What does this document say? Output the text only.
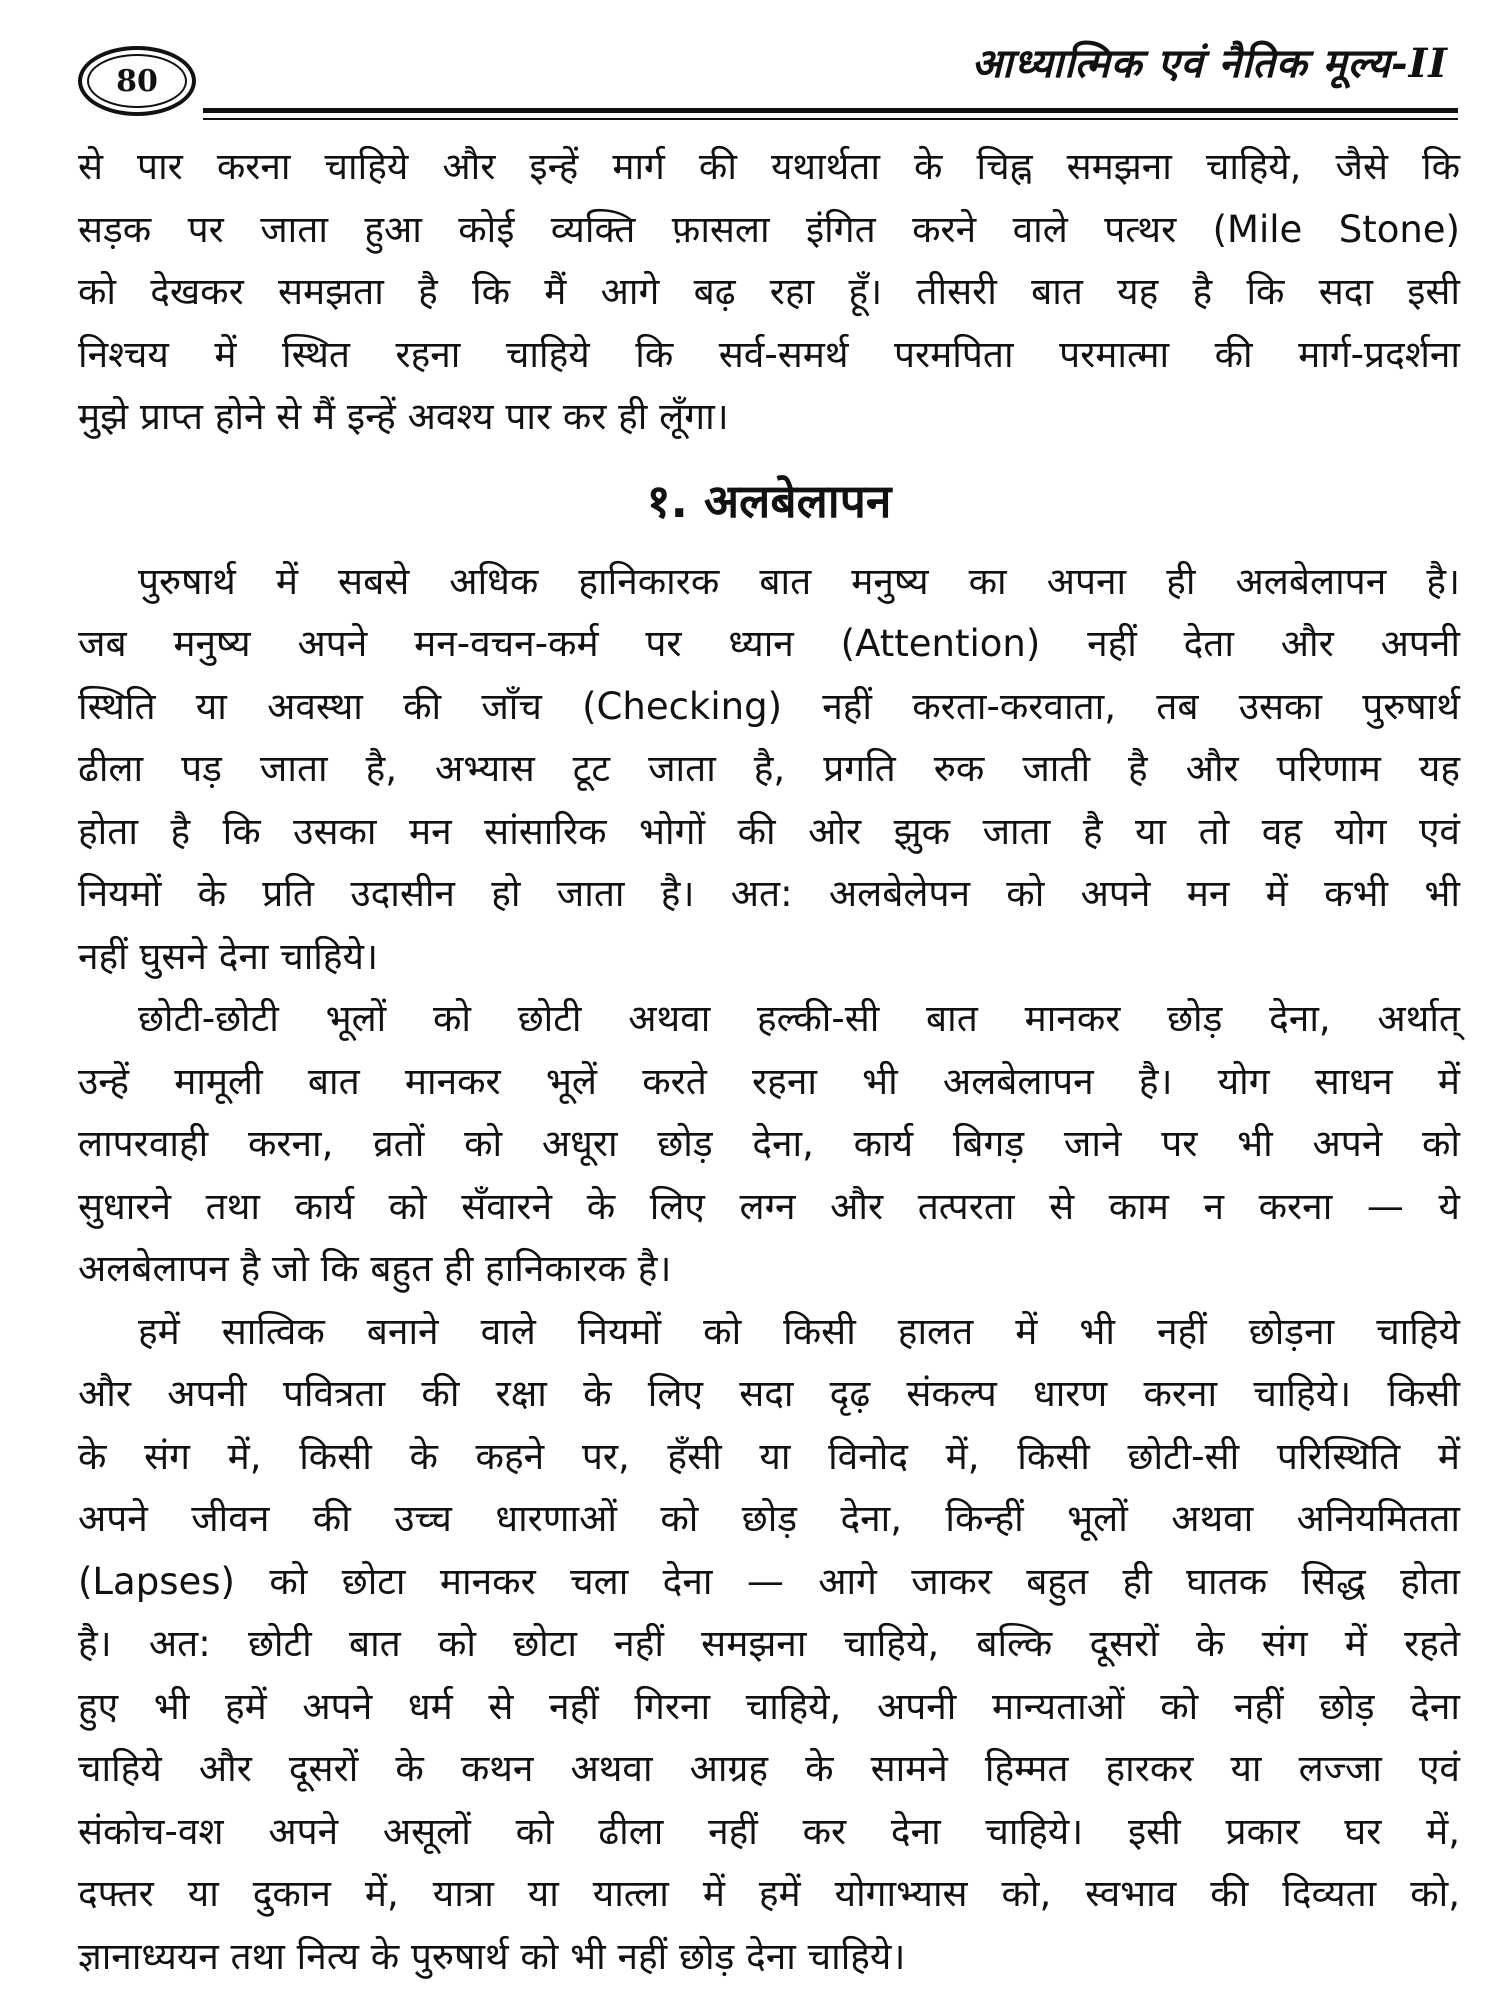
80	आध्यात्मिक एवं नैतिक मूल्य-II

से पार करना चाहिये और इन्हें मार्ग की यथार्थता के चिह्न समझना चाहिये, जैसे कि
सड़क पर जाता हुआ कोई व्यक्ति फ़ासला इंगित करने वाले पत्थर (Mile Stone)
को देखकर समझता है कि मैं आगे बढ़ रहा हूँ। तीसरी बात यह है कि सदा इसी
निश्चय में स्थित रहना चाहिये कि सर्व-समर्थ परमपिता परमात्मा की मार्ग-प्रदर्शना
मुझे प्राप्त होने से मैं इन्हें अवश्य पार कर ही लूँगा।

१. अलबेलापन

पुरुषार्थ में सबसे अधिक हानिकारक बात मनुष्य का अपना ही अलबेलापन है।
जब मनुष्य अपने मन-वचन-कर्म पर ध्यान (Attention) नहीं देता और अपनी
स्थिति या अवस्था की जाँच (Checking) नहीं करता-करवाता, तब उसका पुरुषार्थ
ढीला पड़ जाता है, अभ्यास टूट जाता है, प्रगति रुक जाती है और परिणाम यह
होता है कि उसका मन सांसारिक भोगों की ओर झुक जाता है या तो वह योग एवं
नियमों के प्रति उदासीन हो जाता है। अत: अलबेलेपन को अपने मन में कभी भी
नहीं घुसने देना चाहिये।

छोटी-छोटी भूलों को छोटी अथवा हल्की-सी बात मानकर छोड़ देना, अर्थात्
उन्हें मामूली बात मानकर भूलें करते रहना भी अलबेलापन है। योग साधन में
लापरवाही करना, व्रतों को अधूरा छोड़ देना, कार्य बिगड़ जाने पर भी अपने को
सुधारने तथा कार्य को सँवारने के लिए लग्न और तत्परता से काम न करना — ये
अलबेलापन है जो कि बहुत ही हानिकारक है।

हमें सात्विक बनाने वाले नियमों को किसी हालत में भी नहीं छोड़ना चाहिये
और अपनी पवित्रता की रक्षा के लिए सदा दृढ़ संकल्प धारण करना चाहिये। किसी
के संग में, किसी के कहने पर, हँसी या विनोद में, किसी छोटी-सी परिस्थिति में
अपने जीवन की उच्च धारणाओं को छोड़ देना, किन्हीं भूलों अथवा अनियमितता
(Lapses) को छोटा मानकर चला देना — आगे जाकर बहुत ही घातक सिद्ध होता
है। अत: छोटी बात को छोटा नहीं समझना चाहिये, बल्कि दूसरों के संग में रहते
हुए भी हमें अपने धर्म से नहीं गिरना चाहिये, अपनी मान्यताओं को नहीं छोड़ देना
चाहिये और दूसरों के कथन अथवा आग्रह के सामने हिम्मत हारकर या लज्जा एवं
संकोच-वश अपने असूलों को ढीला नहीं कर देना चाहिये। इसी प्रकार घर में,
दफ्तर या दुकान में, यात्रा या यात्ला में हमें योगाभ्यास को, स्वभाव की दिव्यता को,
ज्ञानाध्ययन तथा नित्य के पुरुषार्थ को भी नहीं छोड़ देना चाहिये।
